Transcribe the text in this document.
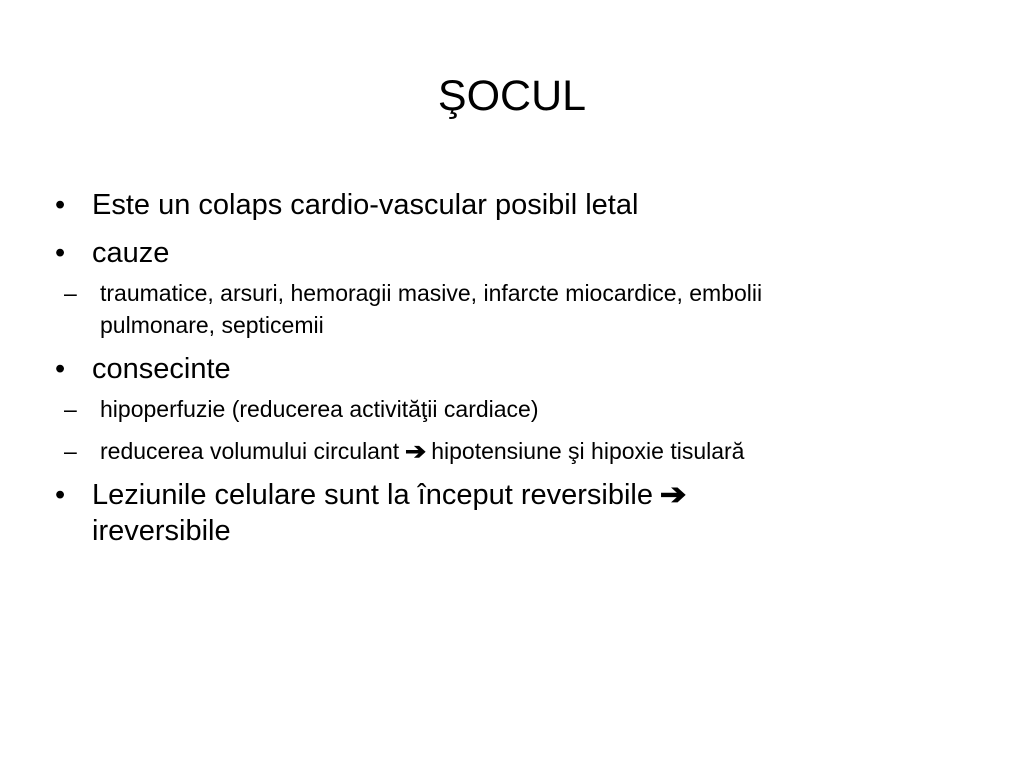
ŞOCUL
• Este un colaps cardio-vascular posibil letal
• cauze
– traumatice, arsuri, hemoragii masive, infarcte miocardice, embolii pulmonare, septicemii
• consecinte
– hipoperfuzie (reducerea activităţii cardiace)
– reducerea volumului circulant ➔ hipotensiune şi hipoxie tisulară
• Leziunile celulare sunt la început reversibile ➔ ireversibile
